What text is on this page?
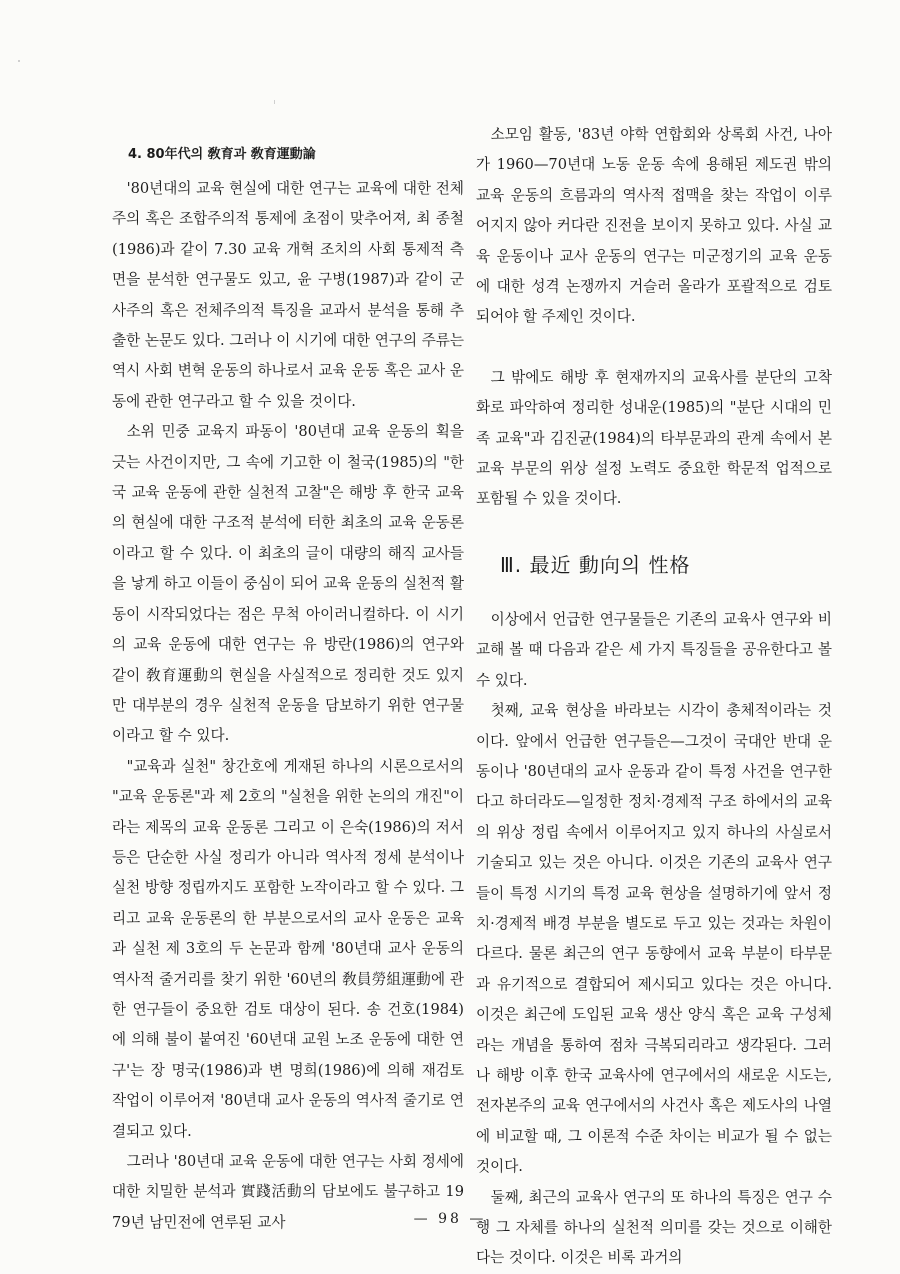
4. 80年代의 敎育과 敎育運動論

'80년대의 교육 현실에 대한 연구는 교육에 대한 전체주의 혹은 조합주의적 통제에 초점이 맞추어져, 최 종철(1986)과 같이 7.30 교육 개혁 조치의 사회 통제적 측면을 분석한 연구물도 있고, 윤 구병(1987)과 같이 군사주의 혹은 전체주의적 특징을 교과서 분석을 통해 추출한 논문도 있다. 그러나 이 시기에 대한 연구의 주류는 역시 사회 변혁 운동의 하나로서 교육 운동 혹은 교사 운동에 관한 연구라고 할 수 있을 것이다.

소위 민중 교육지 파동이 '80년대 교육 운동의 획을 긋는 사건이지만, 그 속에 기고한 이 철국(1985)의 "한국 교육 운동에 관한 실천적 고찰"은 해방 후 한국 교육의 현실에 대한 구조적 분석에 터한 최초의 교육 운동론이라고 할 수 있다. 이 최초의 글이 대량의 해직 교사들을 낳게 하고 이들이 중심이 되어 교육 운동의 실천적 활동이 시작되었다는 점은 무척 아이러니컬하다. 이 시기의 교육 운동에 대한 연구는 유 방란(1986)의 연구와 같이 敎育運動의 현실을 사실적으로 정리한 것도 있지만 대부분의 경우 실천적 운동을 담보하기 위한 연구물이라고 할 수 있다.

"교육과 실천" 창간호에 게재된 하나의 시론으로서의 "교육 운동론"과 제 2호의 "실천을 위한 논의의 개진"이라는 제목의 교육 운동론 그리고 이 은숙(1986)의 저서 등은 단순한 사실 정리가 아니라 역사적 정세 분석이나 실천 방향 정립까지도 포함한 노작이라고 할 수 있다. 그리고 교육 운동론의 한 부분으로서의 교사 운동은 교육과 실천 제 3호의 두 논문과 함께 '80년대 교사 운동의 역사적 줄거리를 찾기 위한 '60년의 敎員勞組運動에 관한 연구들이 중요한 검토 대상이 된다. 송 건호(1984)에 의해 불이 붙여진 '60년대 교원 노조 운동에 대한 연구'는 장 명국(1986)과 변 명희(1986)에 의해 재검토 작업이 이루어져 '80년대 교사 운동의 역사적 줄기로 연결되고 있다.

그러나 '80년대 교육 운동에 대한 연구는 사회 정세에 대한 치밀한 분석과 實踐活動의 담보에도 불구하고 1979년 남민전에 연루된 교사

소모임 활동, '83년 야학 연합회와 상록회 사건, 나아가 1960—70년대 노동 운동 속에 용해된 제도권 밖의 교육 운동의 흐름과의 역사적 접맥을 찾는 작업이 이루어지지 않아 커다란 진전을 보이지 못하고 있다. 사실 교육 운동이나 교사 운동의 연구는 미군정기의 교육 운동에 대한 성격 논쟁까지 거슬러 올라가 포괄적으로 검토되어야 할 주제인 것이다.

그 밖에도 해방 후 현재까지의 교육사를 분단의 고착화로 파악하여 정리한 성내운(1985)의 "분단 시대의 민족 교육"과 김진균(1984)의 타부문과의 관계 속에서 본 교육 부문의 위상 설정 노력도 중요한 학문적 업적으로 포함될 수 있을 것이다.

Ⅲ. 最近 動向의 性格

이상에서 언급한 연구물들은 기존의 교육사 연구와 비교해 볼 때 다음과 같은 세 가지 특징들을 공유한다고 볼 수 있다.

첫째, 교육 현상을 바라보는 시각이 총체적이라는 것이다. 앞에서 언급한 연구들은—그것이 국대안 반대 운동이나 '80년대의 교사 운동과 같이 특정 사건을 연구한다고 하더라도—일정한 정치·경제적 구조 하에서의 교육의 위상 정립 속에서 이루어지고 있지 하나의 사실로서 기술되고 있는 것은 아니다. 이것은 기존의 교육사 연구들이 특정 시기의 특정 교육 현상을 설명하기에 앞서 정치·경제적 배경 부분을 별도로 두고 있는 것과는 차원이 다르다. 물론 최근의 연구 동향에서 교육 부분이 타부문과 유기적으로 결합되어 제시되고 있다는 것은 아니다. 이것은 최근에 도입된 교육 생산 양식 혹은 교육 구성체라는 개념을 통하여 점차 극복되리라고 생각된다. 그러나 해방 이후 한국 교육사에 연구에서의 새로운 시도는, 전자본주의 교육 연구에서의 사건사 혹은 제도사의 나열에 비교할 때, 그 이론적 수준 차이는 비교가 될 수 없는 것이다.

둘째, 최근의 교육사 연구의 또 하나의 특징은 연구 수행 그 자체를 하나의 실천적 의미를 갖는 것으로 이해한다는 것이다. 이것은 비록 과거의

— 98 —
